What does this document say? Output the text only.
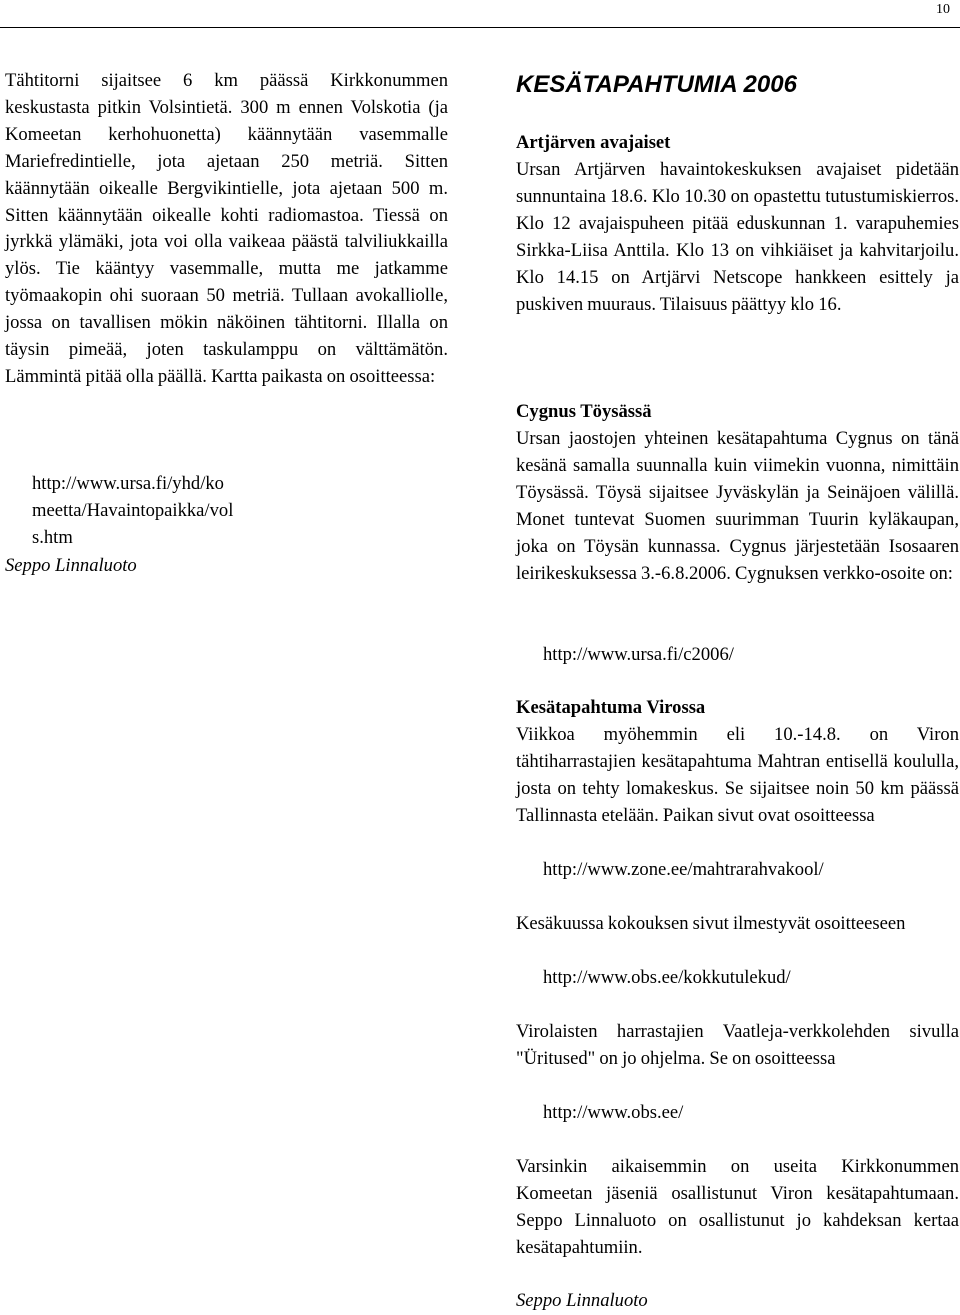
10

Tähtitorni sijaitsee 6 km päässä Kirkkonummen keskustasta pitkin Volsintietä. 300 m ennen Volskotia (ja Komeetan kerhohuonetta) käännytään vasemmalle Mariefredintielle, jota ajetaan 250 metriä. Sitten käännytään oikealle Bergvikintielle, jota ajetaan 500 m. Sitten käännytään oikealle kohti radiomastoa. Tiessä on jyrkkä ylämäki, jota voi olla vaikeaa päästä talviliukkailla ylös. Tie kääntyy vasemmalle, mutta me jatkamme työmaakopin ohi suoraan 50 metriä. Tullaan avokalliolle, jossa on tavallisen mökin näköinen tähtitorni. Illalla on täysin pimeää, joten taskulamppu on välttämätön. Lämmintä pitää olla päällä. Kartta paikasta on osoitteessa:

http://www.ursa.fi/yhd/komeetta/Havaintopaikka/vols.htm

Seppo Linnaluoto

KESÄTAPAHTUMIA 2006
Artjärven avajaiset

Ursan Artjärven havaintokeskuksen avajaiset pidetään sunnuntaina 18.6. Klo 10.30 on opastettu tutustumiskierros. Klo 12 avajaispuheen pitää eduskunnan 1. varapuhemies Sirkka-Liisa Anttila. Klo 13 on vihkiäiset ja kahvitarjoilu. Klo 14.15 on Artjärvi Netscope hankkeen esittely ja puskiven muuraus. Tilaisuus päättyy klo 16.

Cygnus Töysässä

Ursan jaostojen yhteinen kesätapahtuma Cygnus on tänä kesänä samalla suunnalla kuin viimekin vuonna, nimittäin Töysässä. Töysä sijaitsee Jyväskylän ja Seinäjoen välillä. Monet tuntevat Suomen suurimman Tuurin kyläkaupan, joka on Töysän kunnassa. Cygnus järjestetään Isosaaren leirikeskuksessa 3.-6.8.2006. Cygnuksen verkko-osoite on:

http://www.ursa.fi/c2006/

Kesätapahtuma Virossa

Viikkoa myöhemmin eli 10.-14.8. on Viron tähtiharrastajien kesätapahtuma Mahtran entisellä koululla, josta on tehty lomakeskus. Se sijaitsee noin 50 km päässä Tallinnasta etelään. Paikan sivut ovat osoitteessa

http://www.zone.ee/mahtrarahvakool/

Kesäkuussa kokouksen sivut ilmestyvät osoitteeseen

http://www.obs.ee/kokkutulekud/

Virolaisten harrastajien Vaatleja-verkkolehden sivulla "Üritused" on jo ohjelma. Se on osoitteessa

http://www.obs.ee/

Varsinkin aikaisemmin on useita Kirkkonummen Komeetan jäseniä osallistunut Viron kesätapahtumaan. Seppo Linnaluoto on osallistunut jo kahdeksan kertaa kesätapahtumiin.

Seppo Linnaluoto
